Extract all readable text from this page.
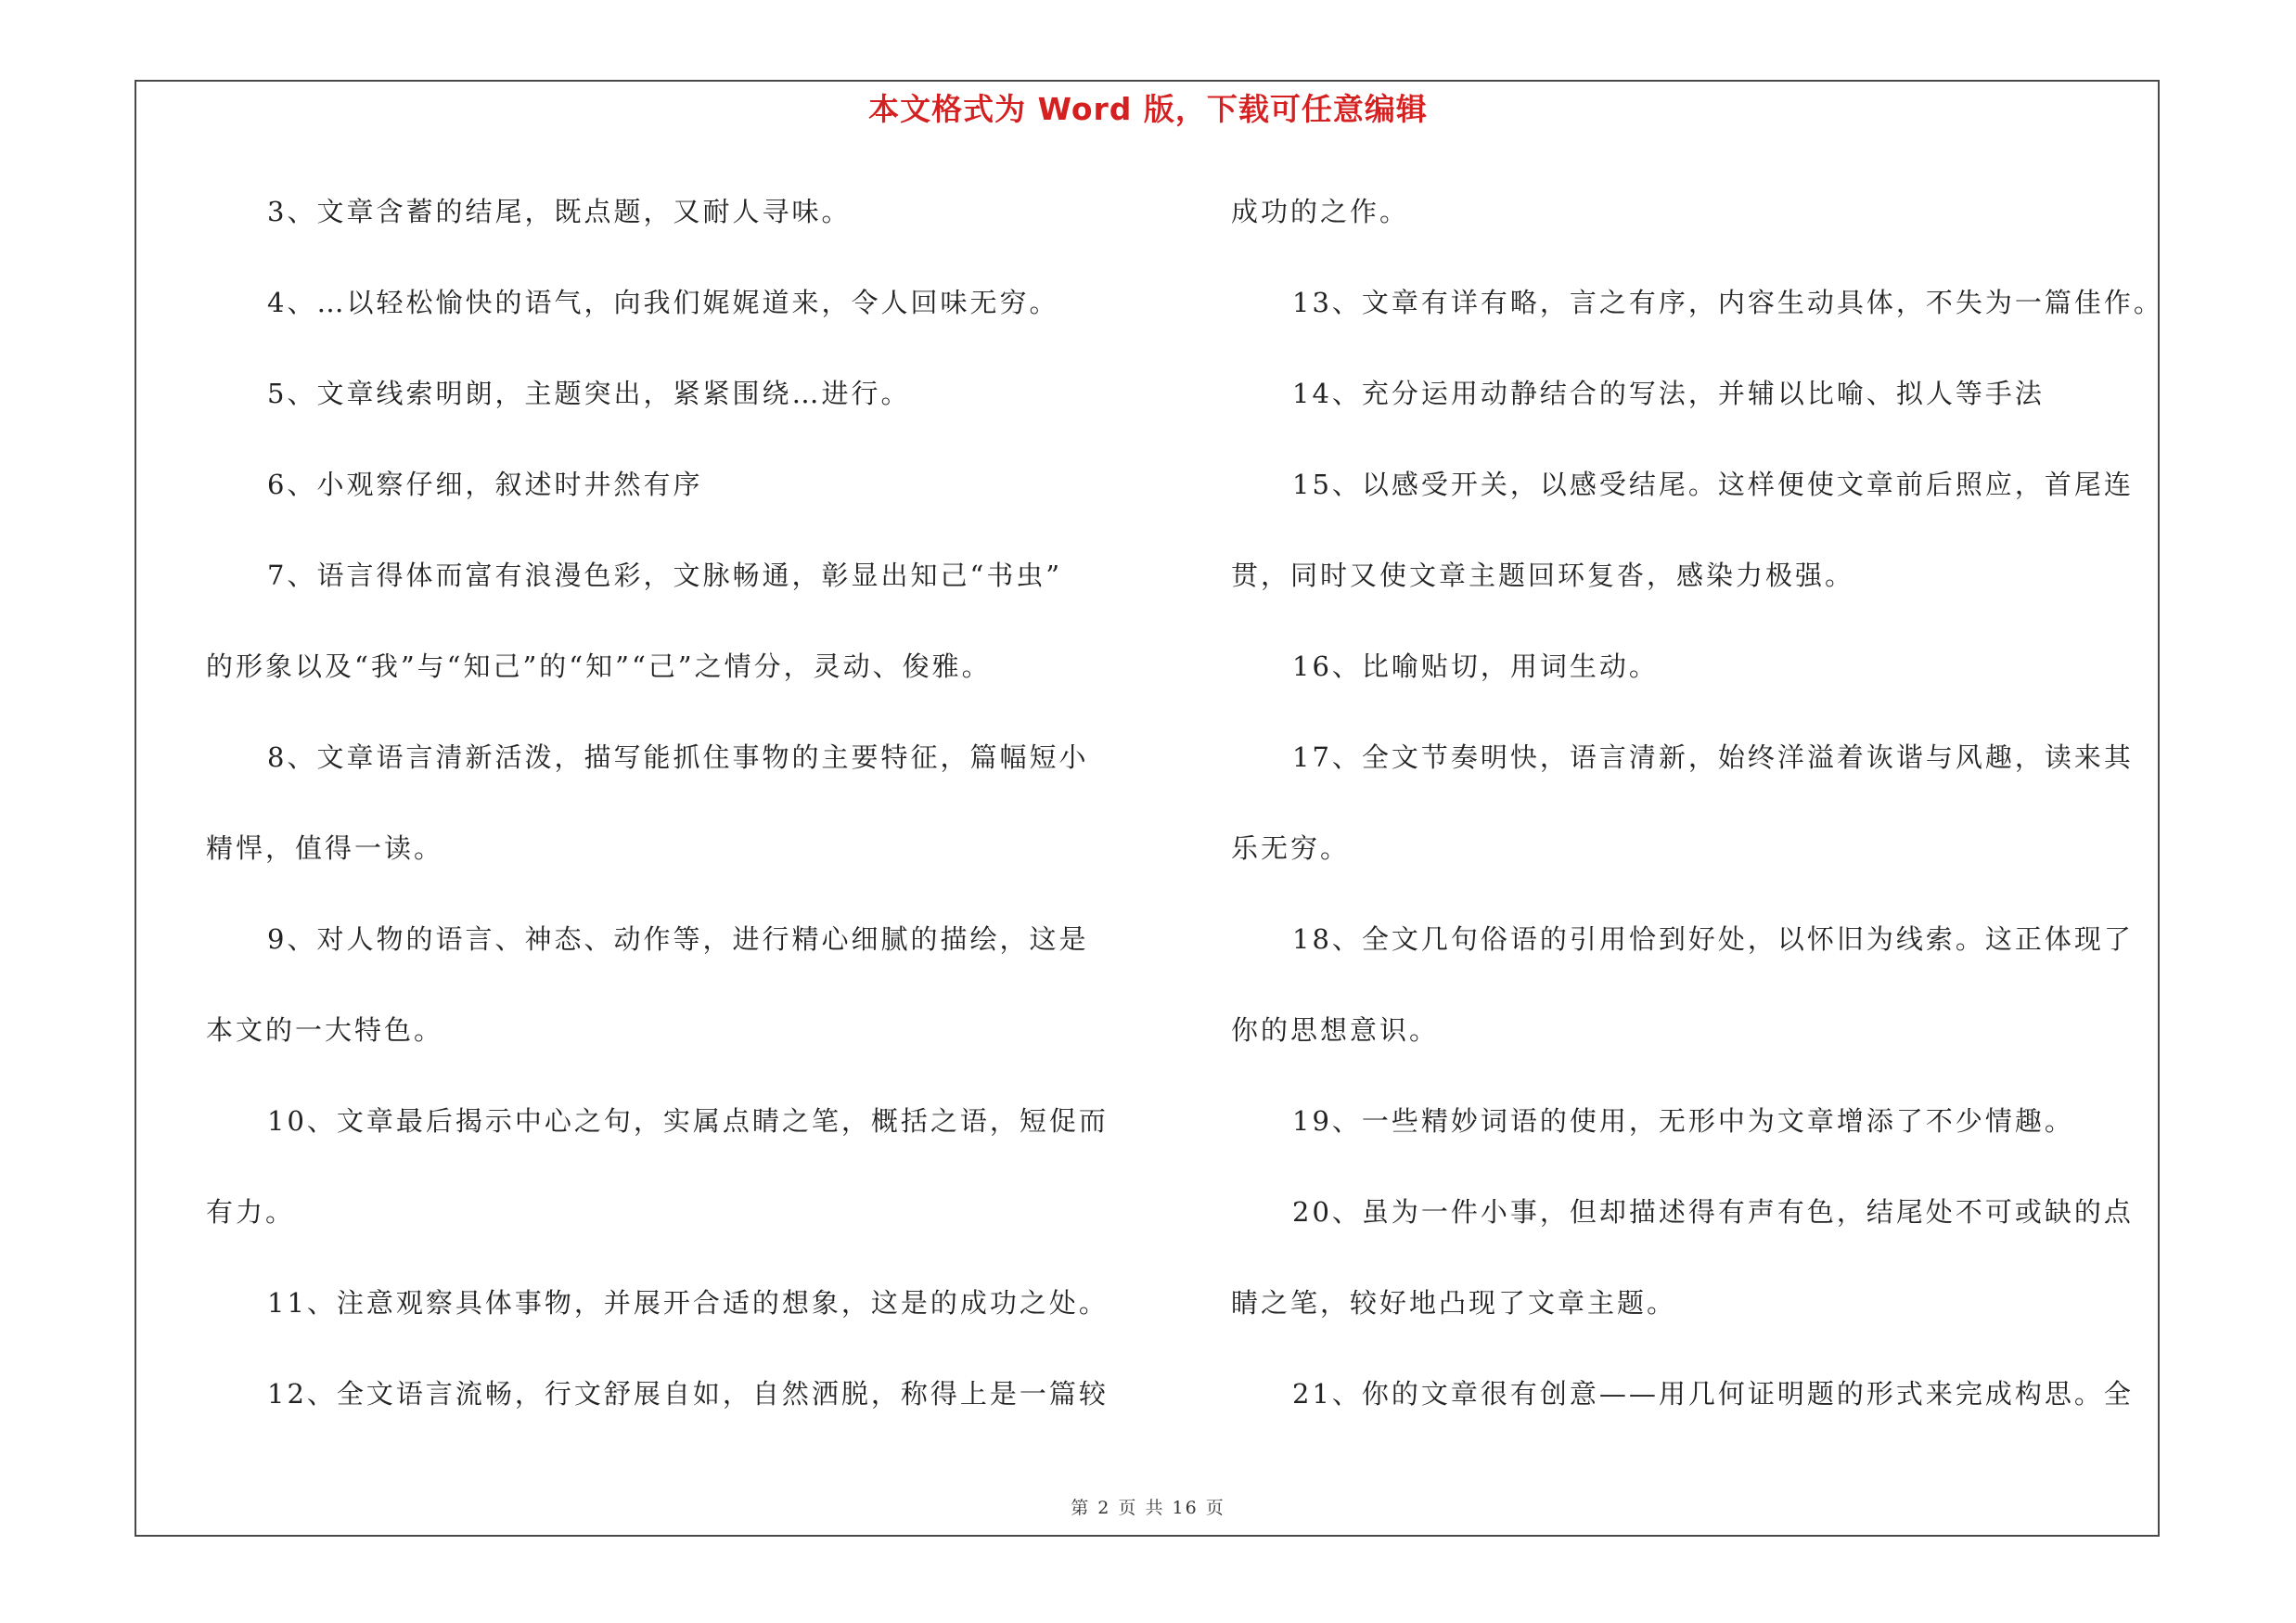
本文格式为 Word 版，下载可任意编辑
3、文章含蓄的结尾，既点题，又耐人寻味。
4、…以轻松愉快的语气，向我们娓娓道来，令人回味无穷。
5、文章线索明朗，主题突出，紧紧围绕…进行。
6、小观察仔细，叙述时井然有序
7、语言得体而富有浪漫色彩，文脉畅通，彰显出知己“书虫”
的形象以及“我”与“知己”的“知”“己”之情分，灵动、俊雅。
8、文章语言清新活泼，描写能抓住事物的主要特征，篇幅短小
精悍，值得一读。
9、对人物的语言、神态、动作等，进行精心细腻的描绘，这是
本文的一大特色。
10、文章最后揭示中心之句，实属点睛之笔，概括之语，短促而
有力。
11、注意观察具体事物，并展开合适的想象，这是的成功之处。
12、全文语言流畅，行文舒展自如，自然洒脱，称得上是一篇较
成功的之作。
13、文章有详有略，言之有序，内容生动具体，不失为一篇佳作。
14、充分运用动静结合的写法，并辅以比喻、拟人等手法
15、以感受开关，以感受结尾。这样便使文章前后照应，首尾连
贯，同时又使文章主题回环复沓，感染力极强。
16、比喻贴切，用词生动。
17、全文节奏明快，语言清新，始终洋溢着诙谐与风趣，读来其
乐无穷。
18、全文几句俗语的引用恰到好处，以怀旧为线索。这正体现了
你的思想意识。
19、一些精妙词语的使用，无形中为文章增添了不少情趣。
20、虽为一件小事，但却描述得有声有色，结尾处不可或缺的点
睛之笔，较好地凸现了文章主题。
21、你的文章很有创意——用几何证明题的形式来完成构思。全
第 2 页 共 16 页
